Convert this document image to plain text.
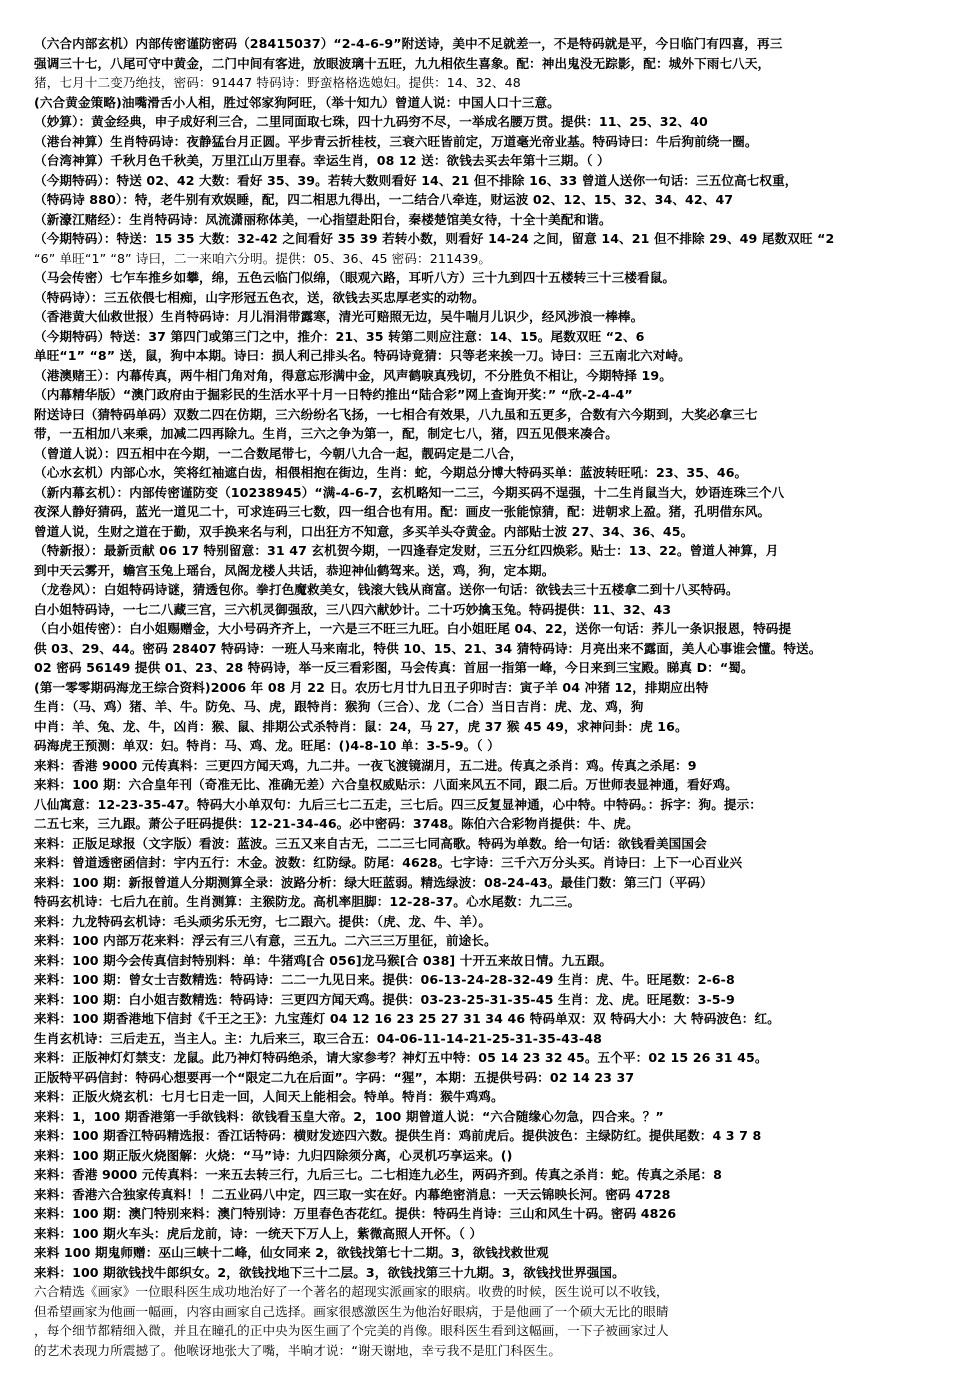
（六合内部玄机）内部传密谨防密码（28415037）“2-4-6-9”附送诗，美中不足就差一，不是特码就是平，今日临门有四喜，再三
强调三十七，八尾可守中黄金，二门中间有客进，放眼波璃十五旺，九九相依生喜象。配：神出鬼没无踪影，配：城外下雨七八天，
猪，七月十二变乃绝技，密码：91447 特码诗：野蛮格格选媳妇。提供：14、32、48
(六合黄金策略)油嘴滑舌小人相，胜过邻家狗阿旺，（举十知九）曾道人说：中国人口十三意。
（妙算）：黄金经典，申子成好利三合，二里同面取七珠，四十九码穷不尽，一举成名腰万贯。提供：11、25、32、40
（港台神算）生肖特码诗：夜静猛台月正圆。平步青云折桂枝，三衰六旺皆前定，万道毫光帝业基。特码诗曰：牛后狗前绕一圈。
（台湾神算）千秋月色千秋美，万里江山万里春。幸运生肖，08 12 送：欲钱去买去年第十三期。（ ）
（今期特码）：特送 02、42 大数：看好 35、39。若转大数则看好 14、21 但不排除 16、33 曾道人送你一句话：三五位高七权重，
（特码诗 880）：特，老牛别有欢娱睡，配，四二相思九得出，一二结合八牵连，财运波 02、12、15、32、34、42、47
（新濠江赌经）：生肖特码诗：凤流潇丽称体美，一心指望赴阳台，秦楼楚馆美女待，十全十美配和谐。
（今期特码）：特送：15 35 大数：32-42 之间看好 35 39 若转小数，则看好 14-24 之间，留意 14、21 但不排除 29、49 尾数双旺 “2
“6” 单旺“1” “8” 诗曰，二一来咱六分明。提供：05、36、45 密码：211439。
（马会传密）七乍车推乡如攀，绵，五色云临门似绵，（眼观六路，耳听八方）三十九到四十五楼转三十三楼看鼠。
（特码诗）：三五依偎七相痴，山字形冠五色衣，送，欲钱去买忠厚老实的动物。
（香港黄大仙救世报）生肖特码诗：月儿涓涓带露寒，清光可赔照无边，吴牛喘月儿识少，经风涉浪一棒棒。
（今期特码）特送：37 第四门或第三门之中，推介：21、35 转第二则应注意：14、15。尾数双旺 “2、6
单旺“1” “8” 送，鼠，狗中本期。诗曰：损人利己排头名。特码诗竟猜：只等老来挨一刀。诗曰：三五南北六对峙。
（港澳赌王）：内幕传真，两牛相门角对角，得意忘形满中金，风声鹤唳真残切，不分胜负不相让，今期特择 19。
（内幕精华版）“澳门政府由于掘彩民的生活水平十月一日特约推出“陆合彩”网上查询开奖：” “欣-2-4-4”
附送诗曰（猜特码单码）双数二四在仿期，三六纷纷名飞扬，一七相合有效果，八九虽和五更多，合数有六今期到，大奖必拿三七
带，一五相加八来乘，加减二四再除九。生肖，三六之争为第一，配，制定七八，猪，四五见偎来凑合。
（曾道人说）：四五相中在今期，一二合数尾带七，今朝八九合一起，靓码定是二八合，
（心水玄机）内部心水，笑将红袖遮白齿，相偎相抱在街边，生肖：蛇，今期总分博大特码买单：蓝波转旺吼：23、35、46。
（新内幕玄机）：内部传密谨防变（10238945）“满-4-6-7，玄机略知一二三，今期买码不逞强，十二生肖鼠当大，妙语连珠三个八
夜深人静好猜码，蓝光一道见二十，可求连码三七数，四一组合也有用。配：画皮一张能惊猜，配：进朝求上盈。猪，孔明借东风。
曾道人说，生财之道在于勤，双手换来名与利，口出狂方不知意，多买羊头夺黄金。内部贴士波 27、34、36、45。
（特新报）：最新贡献 06 17 特别留意：31 47 玄机贺今期，一四逢春定发财，三五分红四焕彩。贴士：13、22。曾道人神算，月
到中天云雾开，蟾宫玉兔上瑶台，凤阁龙楼人共话，恭迎神仙鹤驾来。送，鸡，狗，定本期。
（龙卷风）：白姐特码诗谜，猜透包你。拳打色魔救美女，钱滚大钱从商富。送你一句话：欲钱去三十五楼拿二到十八买特码。
白小姐特码诗，一七二八藏三宫，三六机灵御强敌，三八四六献妙计。二十巧妙擒玉兔。特码提供：11、32、43
（白小姐传密）：白小姐赐赠金，大小号码齐齐上，一六是三不旺三九旺。白小姐旺尾 04、22，送你一句话：荞儿一条识报恩，特码提
供 03、29、44。密码 28407 特码诗：一班人马来南北，特供 10、15、21、34 猜特码诗：月亮出来不露面，美人心事谁会懂。特送。
02 密码 56149 提供 01、23、28 特码诗，举一反三看彩图，马会传真：首屈一指第一峰，今日来到三宝殿。睇真 D：“蜀。
(第一零零期码海龙王综合资料)2006 年 08 月 22 日。农历七月廿九日丑子卯时吉：寅子羊 04 冲猪 12，排期应出特
生肖：（马、鸡）猪、羊、牛。防免、马、虎，跟特肖：猴狗（三合）、龙（二合）当日吉肖：虎、龙、鸡，狗
中肖：羊、兔、龙、牛，凶肖：猴、鼠、排期公式杀特肖：鼠：24，马 27，虎 37 猴 45 49，求神问卦：虎 16。
码海虎王预测：单双：妇。特肖：马、鸡、龙。旺尾：()4-8-10 单：3-5-9。（ ）
来料：香港 9000 元传真料：三更四方闻天鸡，九二井。一夜飞渡镜湖月，五二进。传真之杀肖：鸡。传真之杀尾：9
来料：100 期：六合皇年刊（奇准无比、准确无差）六合皇权威贴示：八面来风五不同，跟二后。万世师表显神通，看好鸡。
八仙寓意：12-23-35-47。特码大小单双句：九后三七二五走，三七后。四三反复显神通，心中特。中特码。：拆字：狗。提示：
二五七来，三九跟。萧公子旺码提供：12-21-34-46。必中密码：3748。陈伯六合彩物肖提供：牛、虎。
来料：正版足球报（文字版）看波：蓝波。三五又来自古无，二二三七同高歌。特码为单数。给一句话：欲钱看美国国会
来料：曾道透密函信封：宇内五行：木金。波数：红防绿。防尾：4628。七字诗：三千六万分头买。肖诗曰：上下一心百业兴
来料：100 期：新报曾道人分期测算全录：波路分析：绿大旺蓝弱。精选绿波：08-24-43。最佳门数：第三门（平码）
特码玄机诗：七后九在前。生肖测算：主猴防龙。高机率胆脚：12-28-37。心水尾数：九二三。
来料：九龙特码玄机诗：毛头顽劣乐无穷，七二跟六。提供：（虎、龙、牛、羊）。
来料：100 内部万花来料：浮云有三八有意，三五九。二六三三万里征，前途长。
来料：100 期今会传真信封特别料：单：牛猪鸡[合 056]龙马猴[合 038] 十开五来故日情。九五跟。
来料：100 期：曾女士吉数精选：特码诗：二二一九见日来。提供：06-13-24-28-32-49 生肖：虎、牛。旺尾数：2-6-8
来料：100 期：白小姐吉数精选：特码诗：三更四方闻天鸡。提供：03-23-25-31-35-45 生肖：龙、虎。旺尾数：3-5-9
来料：100 期香港地下信封《千王之王》：九宝莲灯 04 12 16 23 25 27 31 34 46 特码单双：双 特码大小：大 特码波色：红。
生肖玄机诗：三后走五，当主人。主：九后来三，取三合五：04-06-11-14-21-25-31-35-43-48
来料：正版神灯灯禁支：龙鼠。此乃神灯特码绝杀，请大家参考？神灯五中特：05 14 23 32 45。五个平：02 15 26 31 45。
正版特平码信封：特码心想要再一个“限定二九在后面”。字码：“猩”，本期：五提供号码：02 14 23 37
来料：正版火烧玄机：七月七日走一回，人间天上能相会。特单。特肖：猴牛鸡鸡。
来料：1，100 期香港第一手欲钱料：欲钱看玉皇大帝。2，100 期曾道人说：“六合随缘心勿急，四合来。？”
来料：100 期香江特码精选报：香江话特码：横财发迹四六数。提供生肖：鸡前虎后。提供波色：主绿防红。提供尾数：4 3 7 8
来料：100 期正版火烧图解：火烧：“马”诗：九归四除须分离，心灵机巧享运来。()
来料：香港 9000 元传真料：一来五去转三行，九后三七。二七相连九必生，两码齐到。传真之杀肖：蛇。传真之杀尾：8
来料：香港六合独家传真料！！二五业码八中定，四三取一实在好。内幕绝密消息：一天云锦映长河。密码 4728
来料：100 期：澳门特别来料：澳门特别诗：万里春色杏花红。提供：特码生肖诗：三山和风生十码。密码 4826
来料：100 期火车头：虎后龙前，诗：一统天下万人上，紫微高照人开怀。（ ）
来料 100 期鬼师赠：巫山三峡十二峰，仙女同来 2，欲钱找第七十二期。3，欲钱找救世观
来料：100 期欲钱找牛郎织女。2，欲钱找地下三十二层。3，欲钱找第三十九期。3，欲钱找世界强国。
六合精选《画家》一位眼科医生成功地治好了一个著名的超现实派画家的眼病。收费的时候，医生说可以不收钱，
但希望画家为他画一幅画，内容由画家自己选择。画家很感激医生为他治好眼病，于是他画了一个硕大无比的眼睛
，每个细节都精细入微，并且在瞳孔的正中央为医生画了个完美的肖像。眼科医生看到这幅画，一下子被画家过人
的艺术表现力所震撼了。他喉讶地张大了嘴，半晌才说：“谢天谢地，幸亏我不是肛门科医生。
